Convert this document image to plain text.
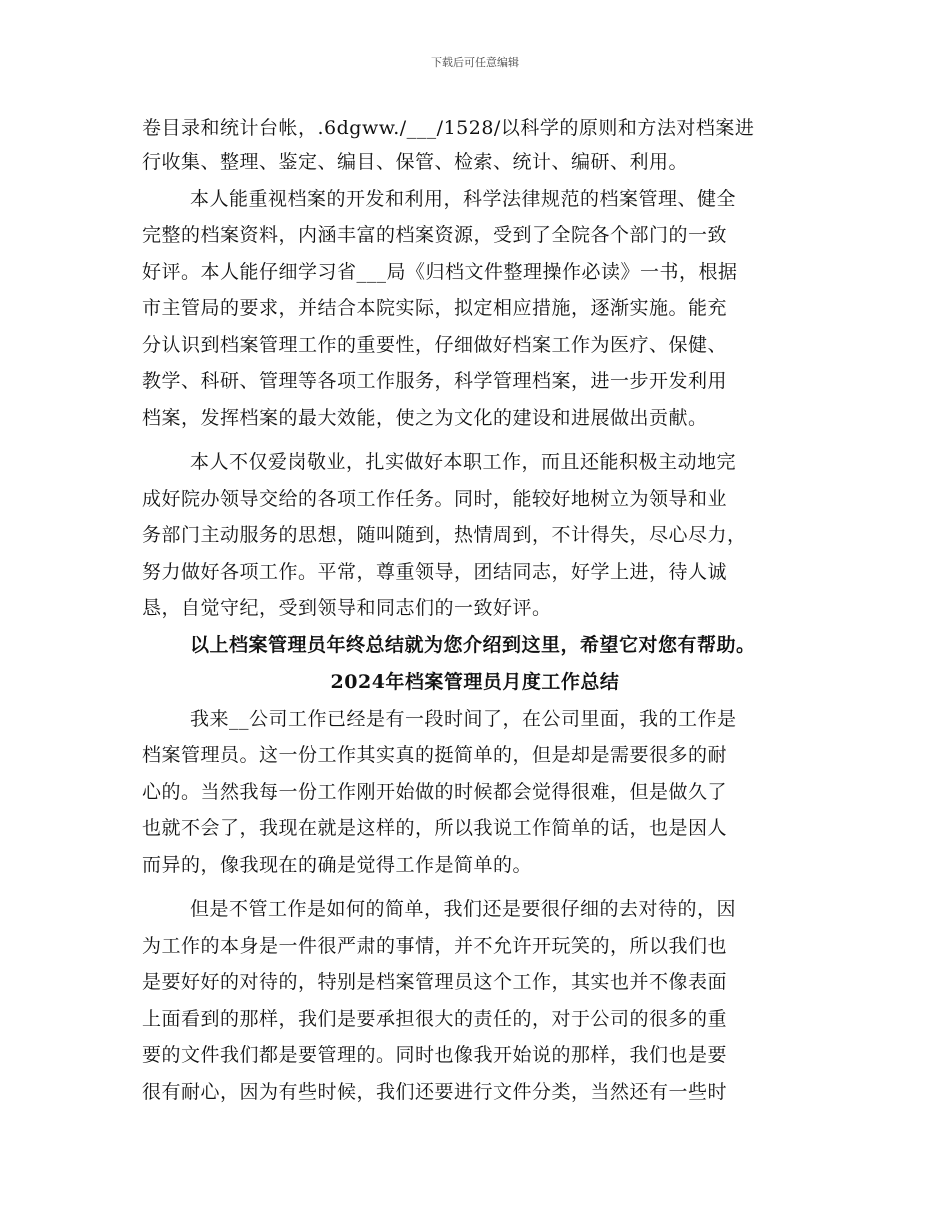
下载后可任意编辑
卷目录和统计台帐，.6dgww./___/1528/以科学的原则和方法对档案进
行收集、整理、鉴定、编目、保管、检索、统计、编研、利用。
本人能重视档案的开发和利用，科学法律规范的档案管理、健全
完整的档案资料，内涵丰富的档案资源，受到了全院各个部门的一致
好评。本人能仔细学习省___局《归档文件整理操作必读》一书，根据
市主管局的要求，并结合本院实际，拟定相应措施，逐渐实施。能充
分认识到档案管理工作的重要性，仔细做好档案工作为医疗、保健、
教学、科研、管理等各项工作服务，科学管理档案，进一步开发利用
档案，发挥档案的最大效能，使之为文化的建设和进展做出贡献。
本人不仅爱岗敬业，扎实做好本职工作，而且还能积极主动地完
成好院办领导交给的各项工作任务。同时，能较好地树立为领导和业
务部门主动服务的思想，随叫随到，热情周到，不计得失，尽心尽力，
努力做好各项工作。平常，尊重领导，团结同志，好学上进，待人诚
恳，自觉守纪，受到领导和同志们的一致好评。
以上档案管理员年终总结就为您介绍到这里，希望它对您有帮助。
2024年档案管理员月度工作总结
我来__公司工作已经是有一段时间了，在公司里面，我的工作是
档案管理员。这一份工作其实真的挺简单的，但是却是需要很多的耐
心的。当然我每一份工作刚开始做的时候都会觉得很难，但是做久了
也就不会了，我现在就是这样的，所以我说工作简单的话，也是因人
而异的，像我现在的确是觉得工作是简单的。
但是不管工作是如何的简单，我们还是要很仔细的去对待的，因
为工作的本身是一件很严肃的事情，并不允许开玩笑的，所以我们也
是要好好的对待的，特别是档案管理员这个工作，其实也并不像表面
上面看到的那样，我们是要承担很大的责任的，对于公司的很多的重
要的文件我们都是要管理的。同时也像我开始说的那样，我们也是要
很有耐心，因为有些时候，我们还要进行文件分类，当然还有一些时
